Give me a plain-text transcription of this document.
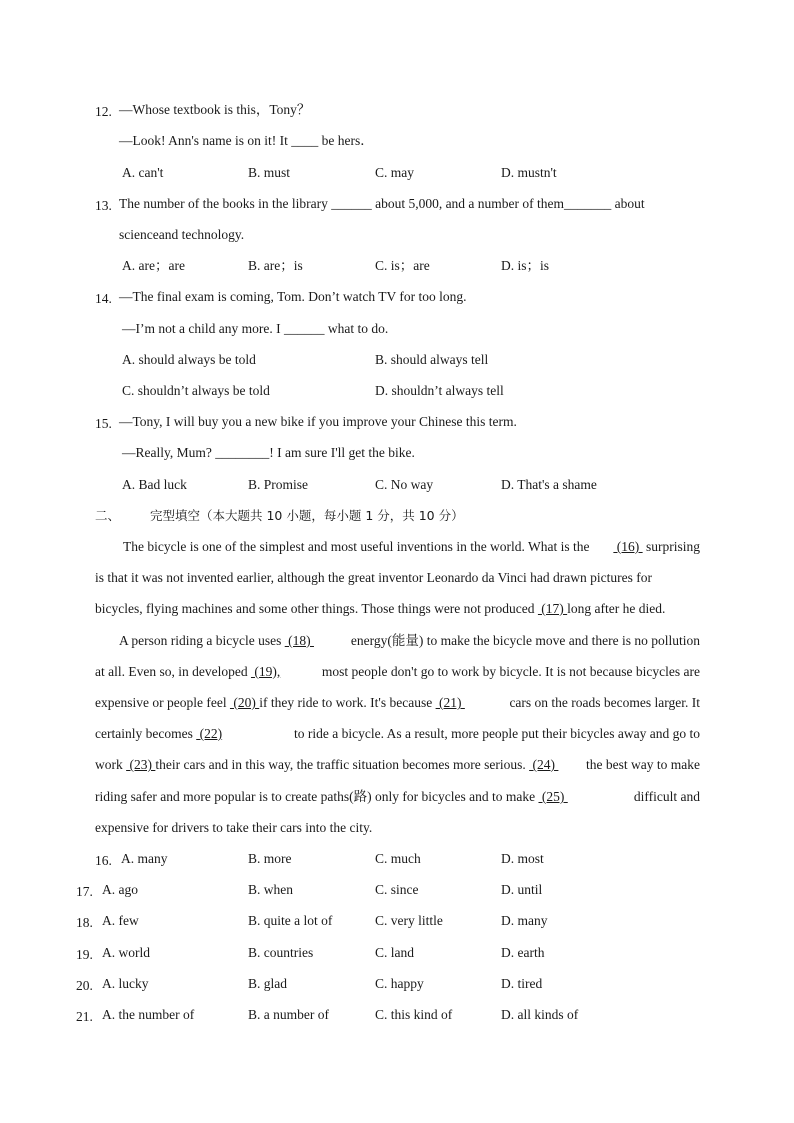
12. —Whose textbook is this，Tony？
—Look! Ann's name is on it! It ____ be hers．
A. can't	B. must	C. may	D. mustn't
13. The number of the books in the library ______ about 5,000, and a number of them_______ about
scienceand technology.
A. are；are	B. are；is	C. is；are	D. is；is
14. —The final exam is coming, Tom. Don’t watch TV for too long.
—I’m not a child any more. I ______ what to do.
A. should always be told	B. should always tell
C. shouldn’t always be told	D. shouldn’t always tell
15. —Tony, I will buy you a new bike if you improve your Chinese this term.
—Really, Mum? ________! I am sure I'll get the bike.
A. Bad luck	B. Promise	C. No way	D. That's a shame
二、 完型填空（本大题共 10 小题，每小题 1 分，共 10 分）
The bicycle is one of the simplest and most useful inventions in the world. What is the (16)  surprising
is that it was not invented earlier, although the great inventor Leonardo da Vinci had drawn pictures for
bicycles, flying machines and some other things. Those things were not produced  (17) long after he died.
A person riding a bicycle uses  (18) energy(能量) to make the bicycle move and there is no pollution
at all. Even so, in developed  (19),	most people don't go to work by bicycle. It is not because bicycles are
expensive or people feel  (20) if they ride to work. It's because  (21)	cars on the roads becomes larger. It
certainly becomes  (22)	to ride a bicycle. As a result, more people put their bicycles away and go to
work  (23) their cars and in this way, the traffic situation becomes more serious.  (24) the best way to make
riding safer and more popular is to create paths(路) only for bicycles and to make  (25)	difficult and
expensive for drivers to take their cars into the city.
16. A. many	B. more	C. much	D. most
17. A. ago	B. when	C. since	D. until
18. A. few	B. quite a lot of	C. very little	D. many
19. A. world	B. countries	C. land	D. earth
20. A. lucky	B. glad	C. happy	D. tired
21. A. the number of	B. a number of	C. this kind of	D. all kinds of
